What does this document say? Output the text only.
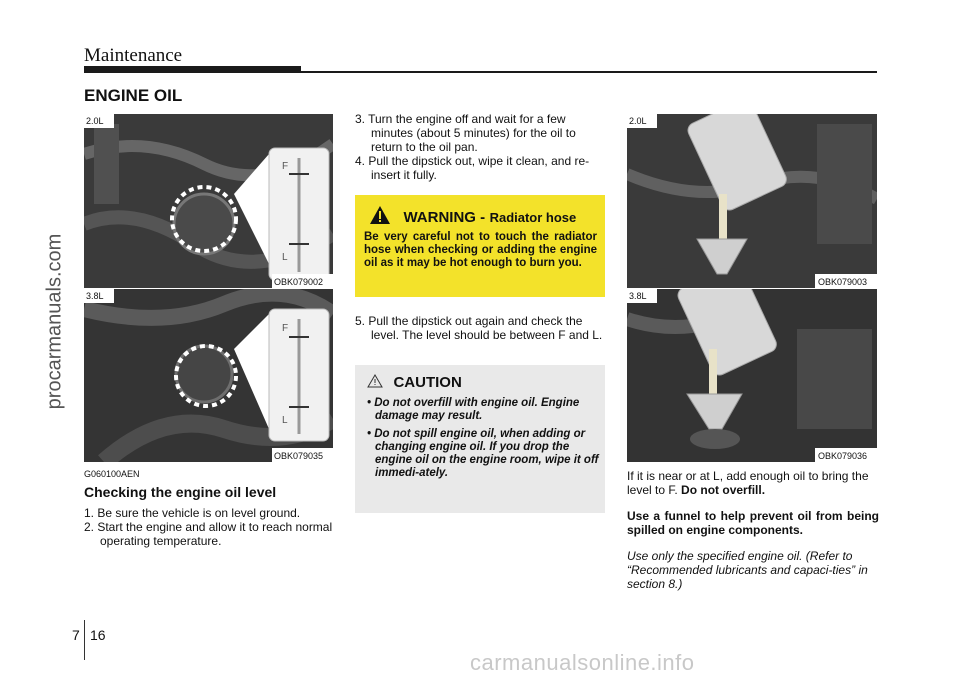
Maintenance
ENGINE OIL
procarmanuals.com
F
L
2.0L
OBK079002
F
L
3.8L
OBK079035
G060100AEN
Checking the engine oil level

1. Be sure the vehicle is on level ground.

2. Start the engine and allow it to reach normal operating temperature.

3. Turn the engine off and wait for a few minutes (about 5 minutes) for the oil to return to the oil pan.

4. Pull the dipstick out, wipe it clean, and re-insert it fully.

WARNING - Radiator hose
Be very careful not to touch the radiator hose when checking or adding the engine oil as it may be hot enough to burn you.

5. Pull the dipstick out again and check the level. The level should be between F and L.

CAUTION

• Do not overfill with engine oil. Engine damage may result.

• Do not spill engine oil, when adding or changing engine oil. If you drop the engine oil on the engine room, wipe it off immedi-ately.

2.0L
OBK079003
3.8L
OBK079036

If it is near or at L, add enough oil to bring the level to F. Do not overfill.

Use a funnel to help prevent oil from being spilled on engine components.

Use only the specified engine oil. (Refer to “Recommended lubricants and capaci-ties” in section 8.)

7 16
carmanualsonline.info
